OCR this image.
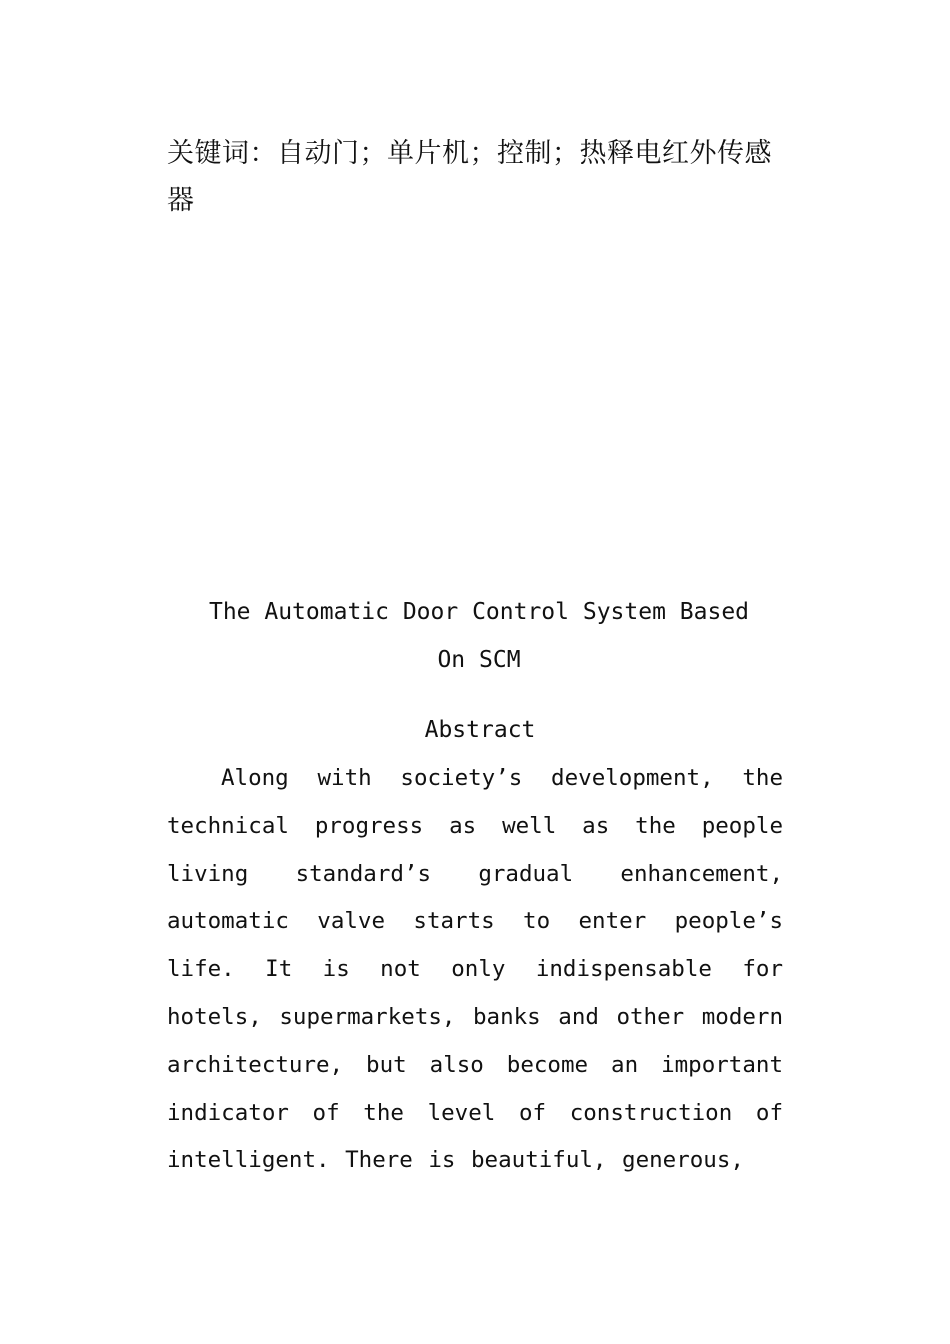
关键词：自动门；单片机；控制；热释电红外传感器
The Automatic Door Control System Based On SCM
Abstract

Along with society’s development, the technical progress as well as the people living standard’s gradual enhancement, automatic valve starts to enter people’s life. It is not only indispensable for hotels, supermarkets, banks and other modern architecture, but also become an important indicator of the level of construction of intelligent. There is beautiful, generous,
